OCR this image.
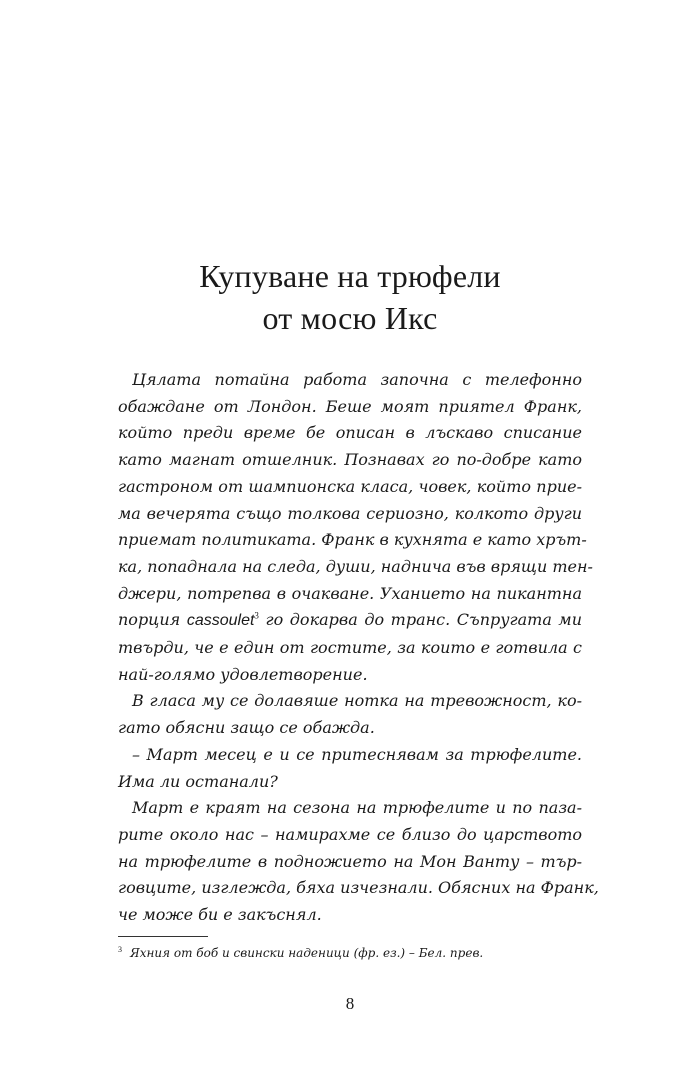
Купуване на трюфели
от мосю Икс
Цялата потайна работа започна с телефонно
обаждане от Лондон. Беше моят приятел Франк,
който преди време бе описан в лъскаво списание
като магнат отшелник. Познавах го по-добре като
гастроном от шампионска класа, човек, който прие-
ма вечерята също толкова сериозно, колкото други
приемат политиката. Франк в кухнята е като хрът-
ка, попаднала на следа, души, надничa във врящи тен-
джери, потрепва в очакване. Уханието на пикантна
порция cassoulet$^3$ го докарва до транс. Съпругата ми
твърди, че е един от гостите, за които е готвила с
най-голямо удовлетворение.
В гласа му се долавяше нотка на тревожност, ко-
гато обясни защо се обажда.
– Март месец е и се притеснявам за трюфелите.
Има ли останали?
Март е краят на сезона на трюфелите и по паза-
рите около нас – намирахме се близо до царството
на трюфелите в подножието на Мон Ванту – тър-
говците, изглежда, бяха изчезнали. Обясних на Франк,
че може би е закъснял.
$^3$ Яхния от боб и свински наденици (фр. ез.) – Бел. прев.
8
